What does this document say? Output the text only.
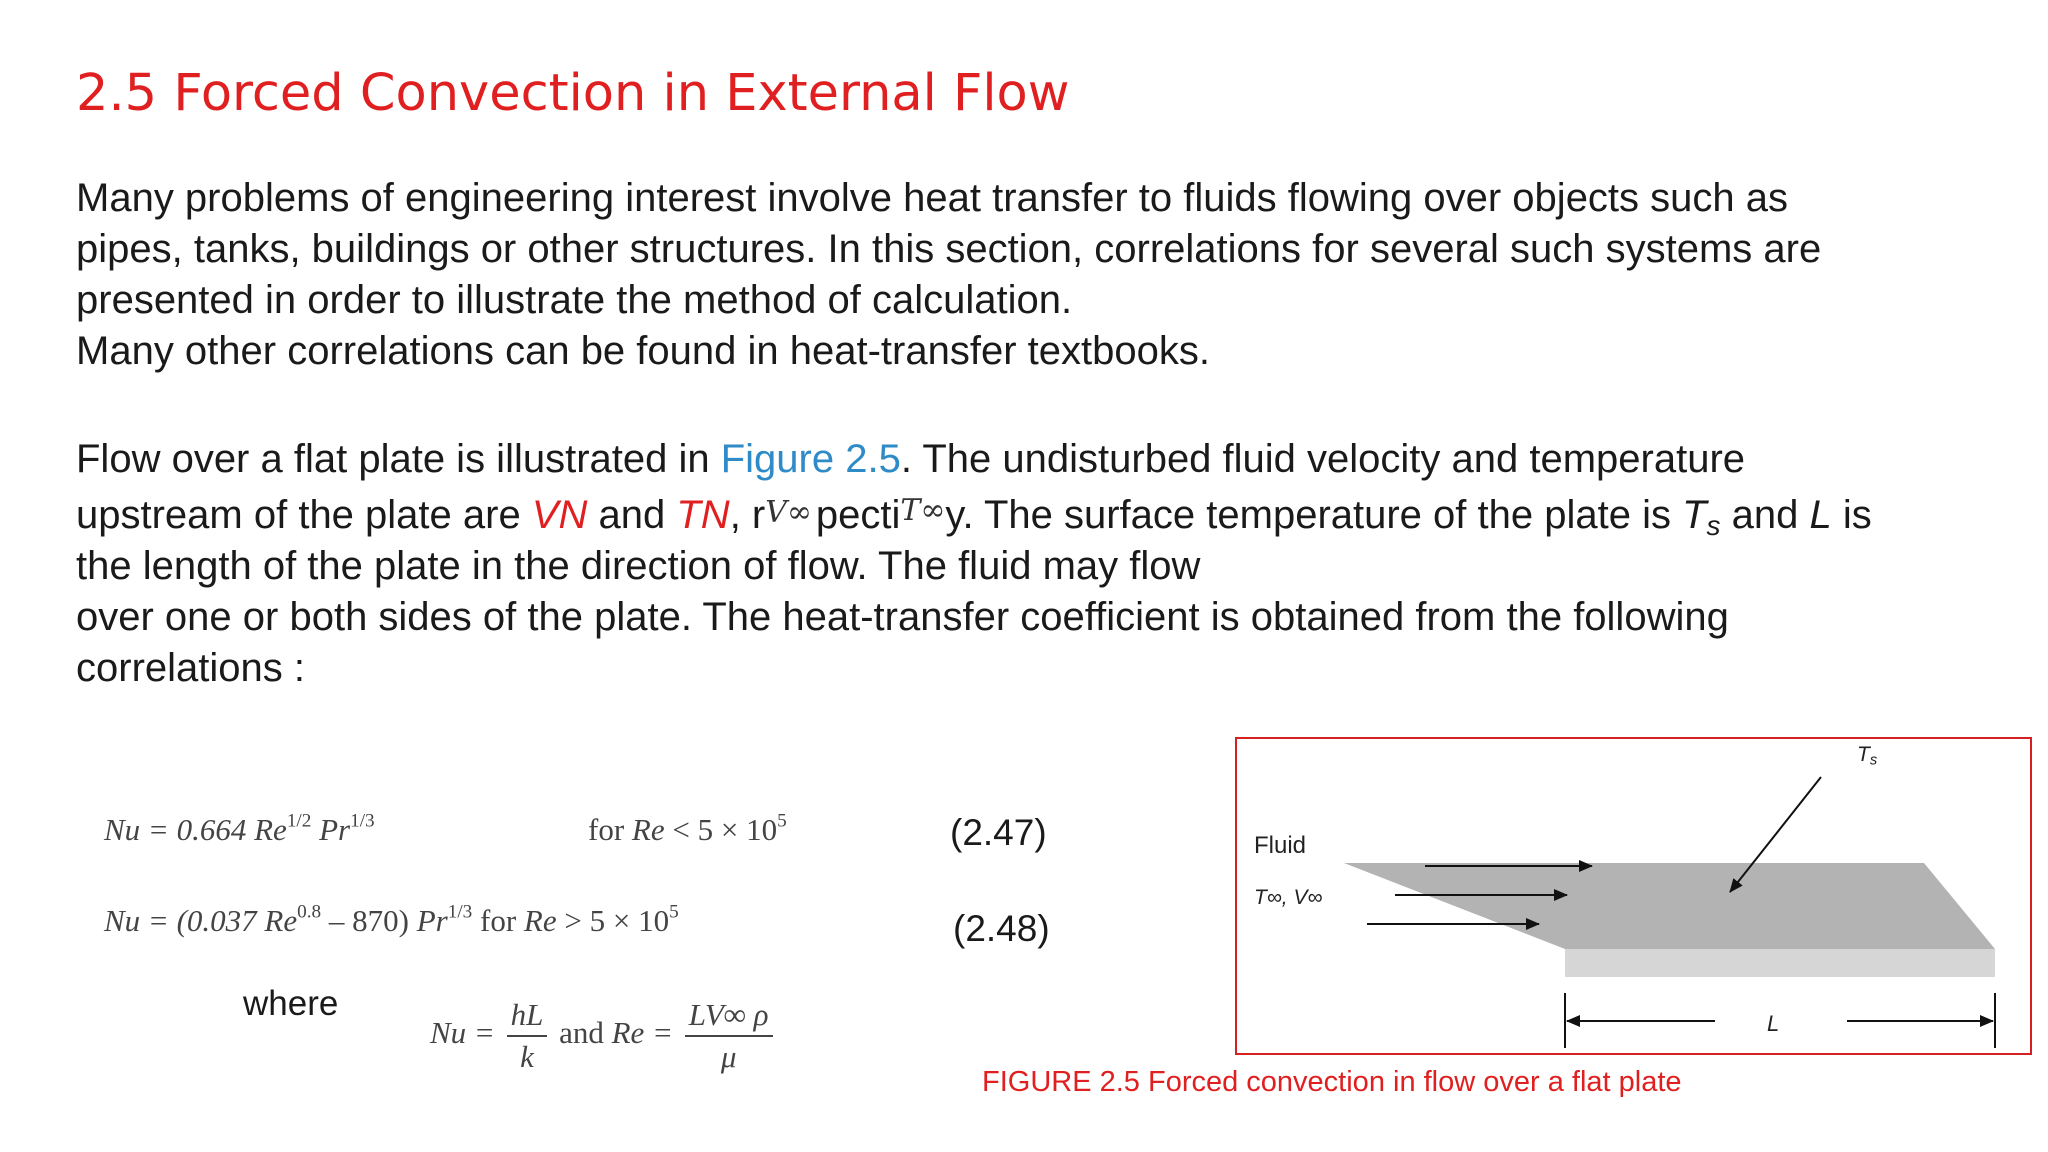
2.5 Forced Convection in External Flow
Many problems of engineering interest involve heat transfer to fluids flowing over objects such as
pipes, tanks, buildings or other structures. In this section, correlations for several such systems are
presented in order to illustrate the method of calculation.
Many other correlations can be found in heat-transfer textbooks.
Flow over a flat plate is illustrated in Figure 2.5. The undisturbed fluid velocity and temperature
upstream of the plate are VN and TN, rV∞ pecti$^{T\infty}$y. The surface temperature of the plate is $T_s$ and L is
the length of the plate in the direction of flow. The fluid may flow
over one or both sides of the plate. The heat-transfer coefficient is obtained from the following
correlations :
Nu = 0.664 $Re^{1/2}$ $Pr^{1/3}$	for $Re < 5 \times 10^5$	(2.47)
Nu = (0.037 $Re^{0.8} - 870$) $Pr^{1/3}$ for $Re > 5 \times 10^5$	(2.48)
where
$Nu = \frac{hL}{k}$ and $Re = \frac{LV\infty \rho}{\mu}$
$T_s$
Fluid
T∞, V∞
L
FIGURE 2.5 Forced convection in flow over a flat plate
